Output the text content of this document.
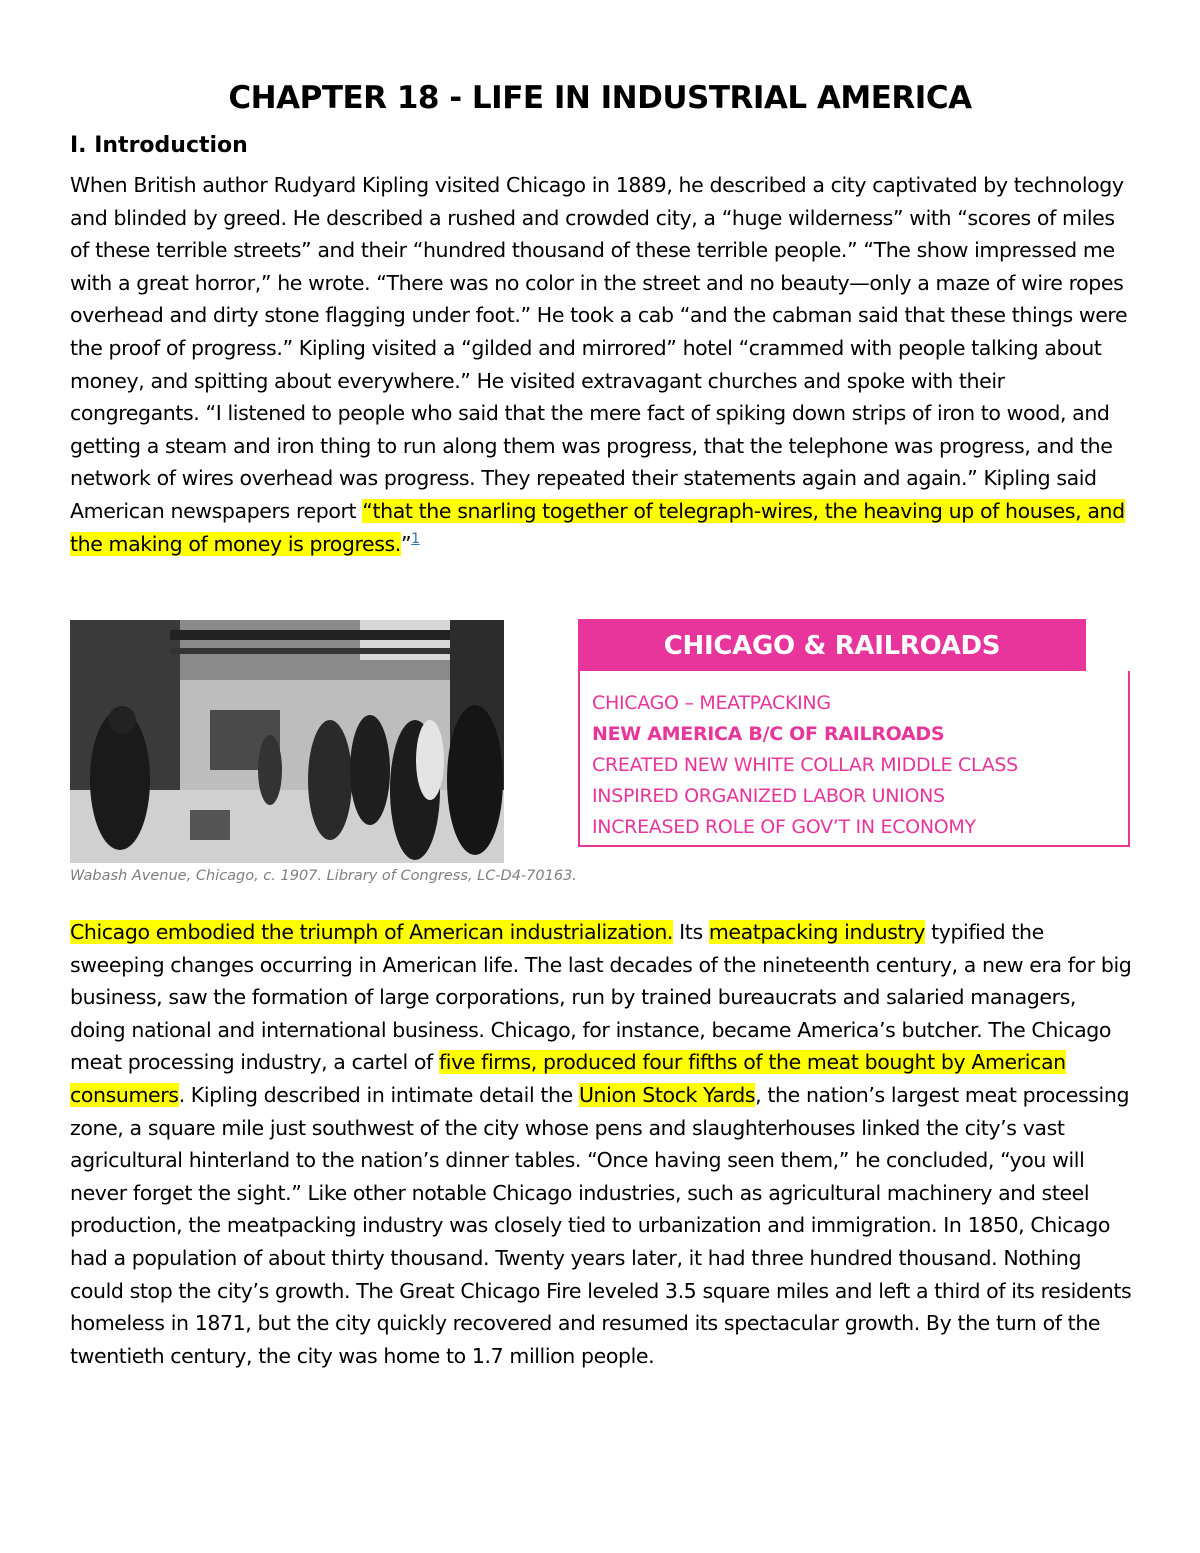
CHAPTER 18 - LIFE IN INDUSTRIAL AMERICA
I. Introduction
When British author Rudyard Kipling visited Chicago in 1889, he described a city captivated by technology and blinded by greed. He described a rushed and crowded city, a “huge wilderness” with “scores of miles of these terrible streets” and their “hundred thousand of these terrible people.” “The show impressed me with a great horror,” he wrote. “There was no color in the street and no beauty—only a maze of wire ropes overhead and dirty stone flagging under foot.” He took a cab “and the cabman said that these things were the proof of progress.” Kipling visited a “gilded and mirrored” hotel “crammed with people talking about money, and spitting about everywhere.” He visited extravagant churches and spoke with their congregants. “I listened to people who said that the mere fact of spiking down strips of iron to wood, and getting a steam and iron thing to run along them was progress, that the telephone was progress, and the network of wires overhead was progress. They repeated their statements again and again.” Kipling said American newspapers report “that the snarling together of telegraph-wires, the heaving up of houses, and the making of money is progress.”$^1$
Wabash Avenue, Chicago, c. 1907. Library of Congress, LC-D4-70163.
CHICAGO & RAILROADS
CHICAGO – MEATPACKING
NEW AMERICA B/C OF RAILROADS
CREATED NEW WHITE COLLAR MIDDLE CLASS
INSPIRED ORGANIZED LABOR UNIONS
INCREASED ROLE OF GOV’T IN ECONOMY
Chicago embodied the triumph of American industrialization. Its meatpacking industry typified the sweeping changes occurring in American life. The last decades of the nineteenth century, a new era for big business, saw the formation of large corporations, run by trained bureaucrats and salaried managers, doing national and international business. Chicago, for instance, became America’s butcher. The Chicago meat processing industry, a cartel of five firms, produced four fifths of the meat bought by American consumers. Kipling described in intimate detail the Union Stock Yards, the nation’s largest meat processing zone, a square mile just southwest of the city whose pens and slaughterhouses linked the city’s vast agricultural hinterland to the nation’s dinner tables. “Once having seen them,” he concluded, “you will never forget the sight.” Like other notable Chicago industries, such as agricultural machinery and steel production, the meatpacking industry was closely tied to urbanization and immigration. In 1850, Chicago had a population of about thirty thousand. Twenty years later, it had three hundred thousand. Nothing could stop the city’s growth. The Great Chicago Fire leveled 3.5 square miles and left a third of its residents homeless in 1871, but the city quickly recovered and resumed its spectacular growth. By the turn of the twentieth century, the city was home to 1.7 million people.
